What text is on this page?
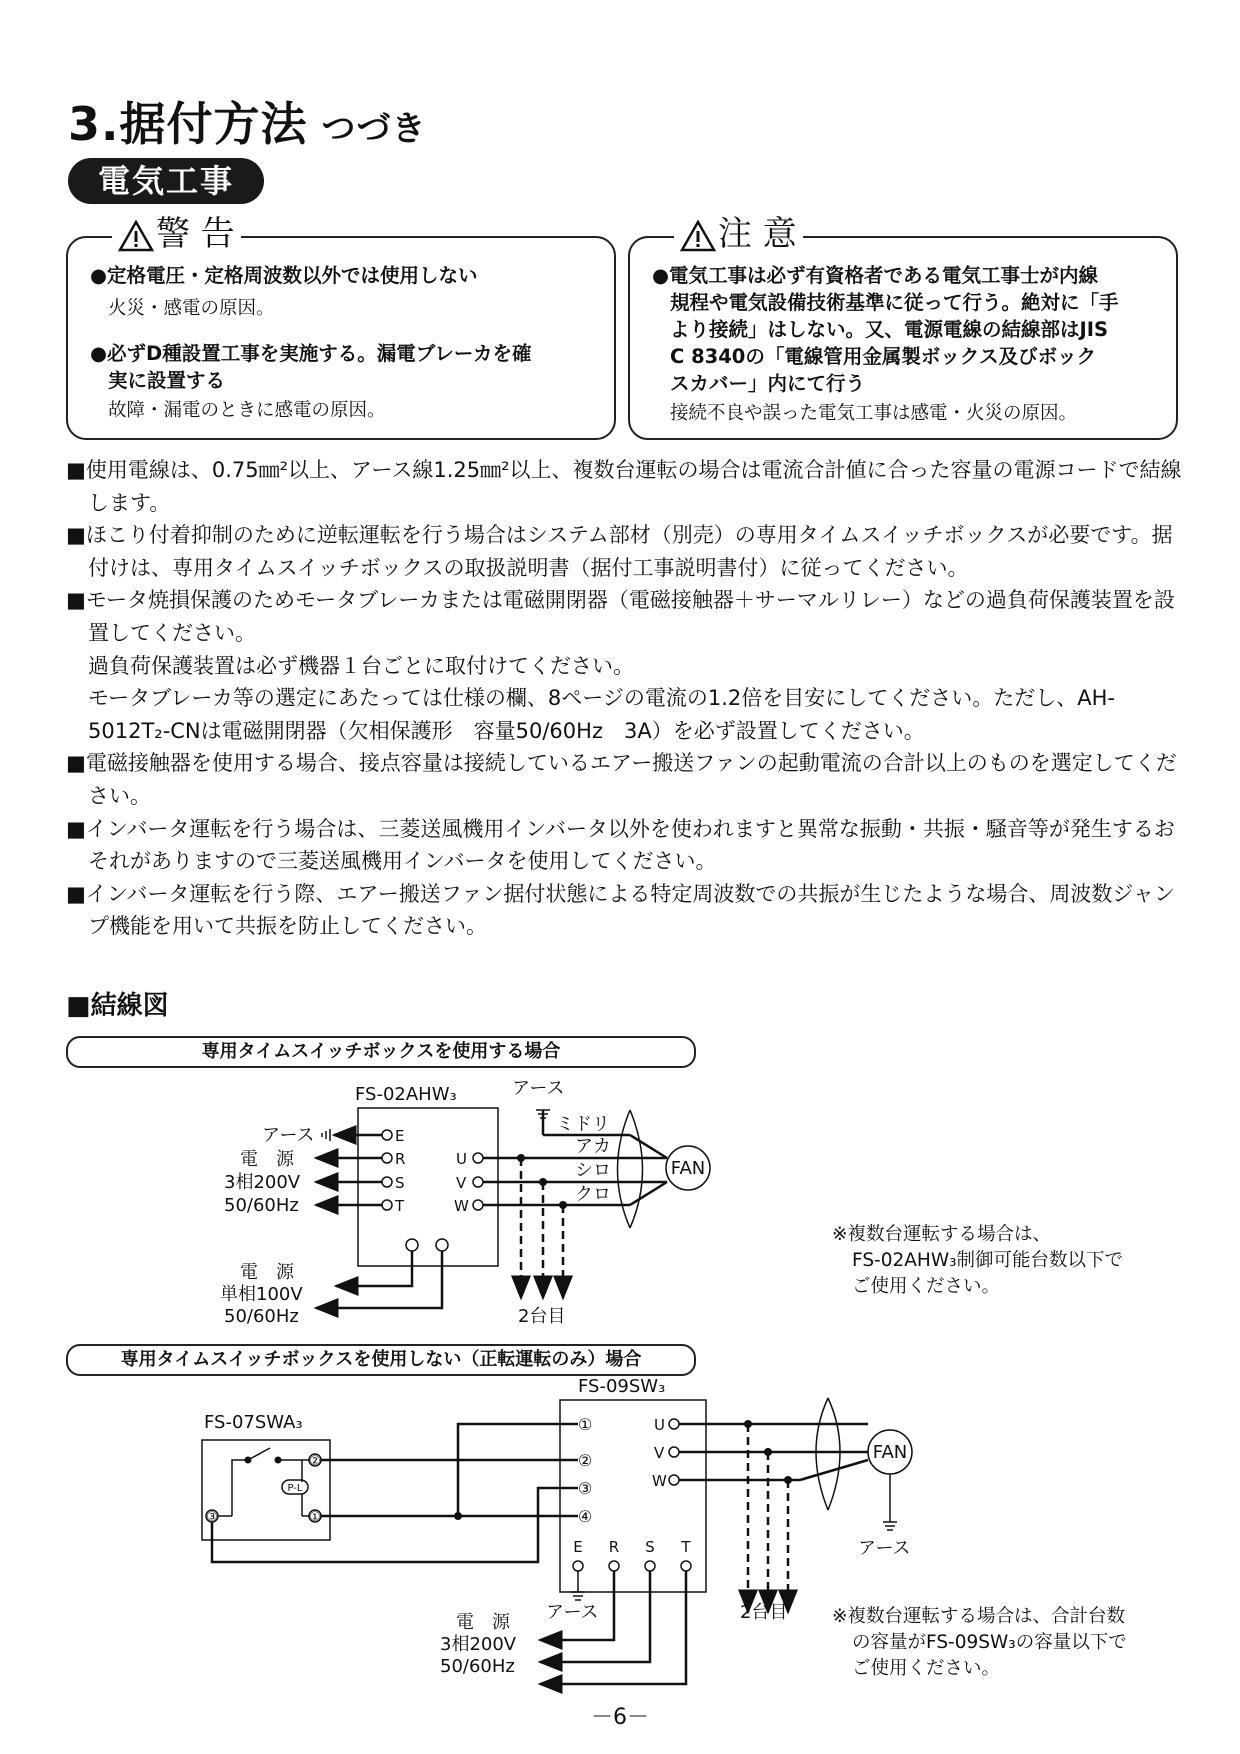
3.据付方法 つづき
電気工事
警 告
●定格電圧・定格周波数以外では使用しない
火災・感電の原因。
●必ずD種設置工事を実施する。漏電ブレーカを確
実に設置する
故障・漏電のときに感電の原因。
注 意
●電気工事は必ず有資格者である電気工事士が内線
規程や電気設備技術基準に従って行う。絶対に「手
より接続」はしない。又、電源電線の結線部はJIS
C 8340の「電線管用金属製ボックス及びボック
スカバー」内にて行う
接続不良や誤った電気工事は感電・火災の原因。

■使用電線は、0.75㎜²以上、アース線1.25㎜²以上、複数台運転の場合は電流合計値に合った容量の電源コードで結線します。

■ほこり付着抑制のために逆転運転を行う場合はシステム部材（別売）の専用タイムスイッチボックスが必要です。据付けは、専用タイムスイッチボックスの取扱説明書（据付工事説明書付）に従ってください。

■モータ焼損保護のためモータブレーカまたは電磁開閉器（電磁接触器＋サーマルリレー）などの過負荷保護装置を設置してください。

過負荷保護装置は必ず機器１台ごとに取付けてください。

モータブレーカ等の選定にあたっては仕様の欄、8ページの電流の1.2倍を目安にしてください。ただし、AH-5012T₂-CNは電磁開閉器（欠相保護形　容量50/60Hz　3A）を必ず設置してください。

■電磁接触器を使用する場合、接点容量は接続しているエアー搬送ファンの起動電流の合計以上のものを選定してください。

■インバータ運転を行う場合は、三菱送風機用インバータ以外を使われますと異常な振動・共振・騒音等が発生するおそれがありますので三菱送風機用インバータを使用してください。

■インバータ運転を行う際、エアー搬送ファン据付状態による特定周波数での共振が生じたような場合、周波数ジャンプ機能を用いて共振を防止してください。

■結線図
専用タイムスイッチボックスを使用する場合
専用タイムスイッチボックスを使用しない（正転運転のみ）場合
FS-02AHW₃	アース
アース
電　源
3相200V
50/60Hz
E
R
S
T
U
V
W
ミドリ
アカ
シロ
クロ
FAN
電　源
単相100V
50/60Hz	2台目
FS-07SWA₃
P-L
②
①
③
FS-09SW₃
①
②
③
④
U
V
W
E R S T
FAN
アース
アース
電　源
3相200V
50/60Hz
2台目
※複数台運転する場合は、
FS-02AHW₃制御可能台数以下で
ご使用ください。
※複数台運転する場合は、合計台数
の容量がFS-09SW₃の容量以下で
ご使用ください。
－6－
